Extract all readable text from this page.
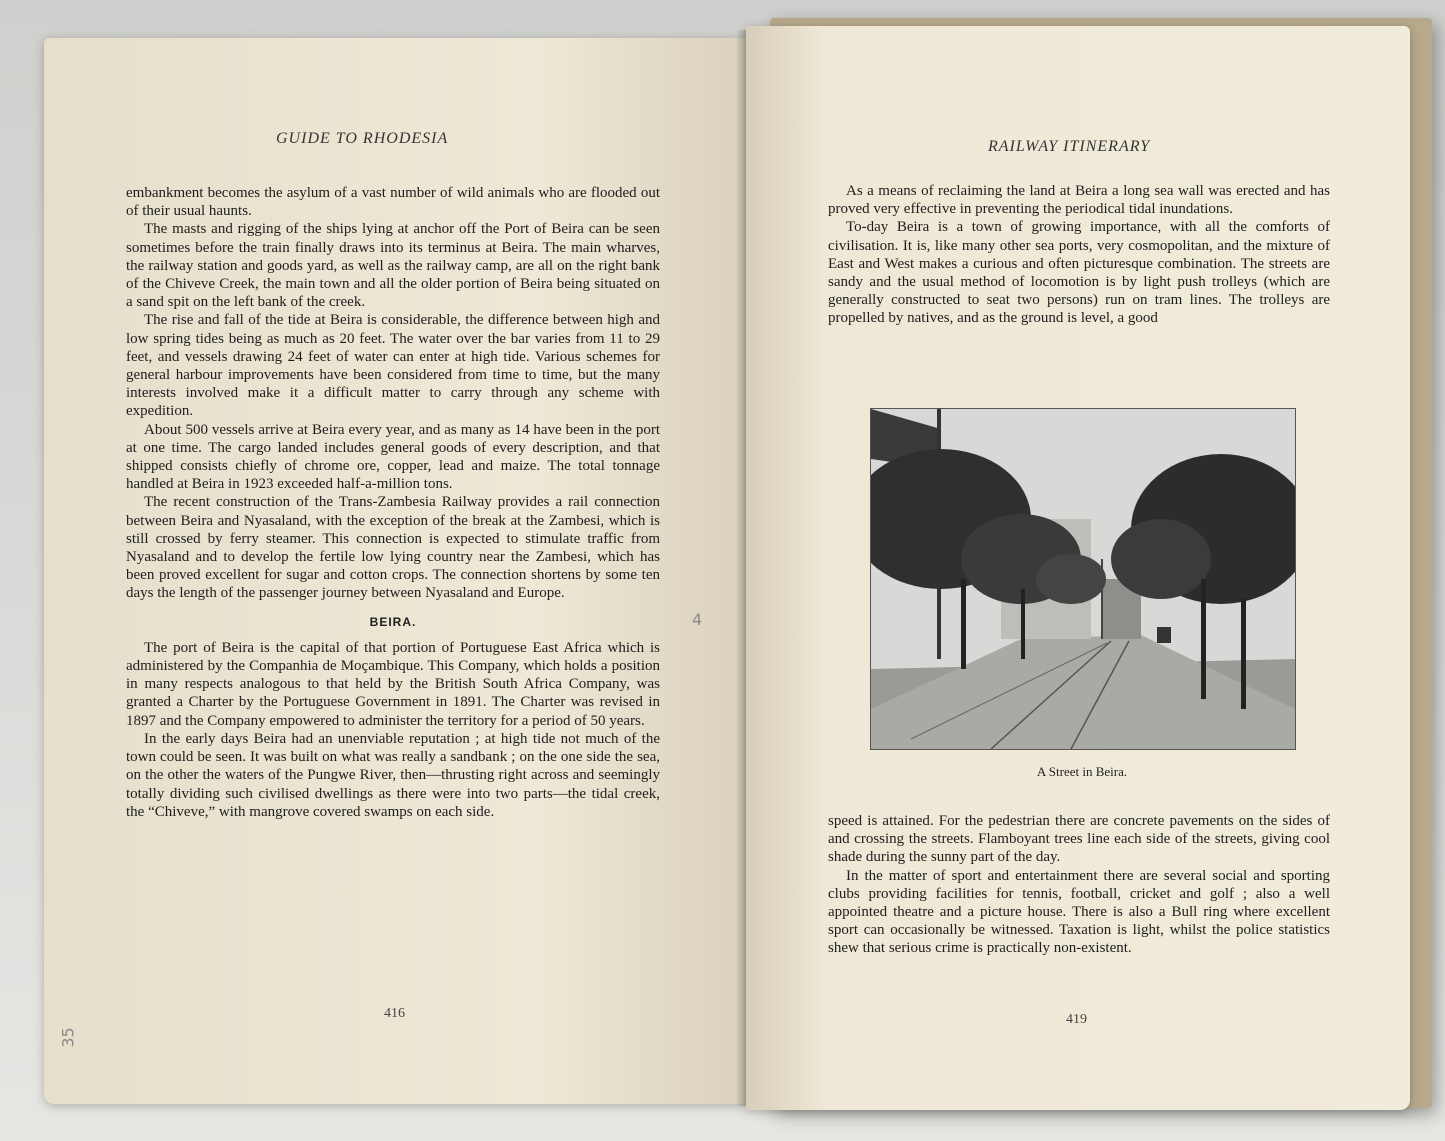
GUIDE TO RHODESIA

embankment becomes the asylum of a vast number of wild animals who are flooded out of their usual haunts.

The masts and rigging of the ships lying at anchor off the Port of Beira can be seen sometimes before the train finally draws into its terminus at Beira. The main wharves, the railway station and goods yard, as well as the railway camp, are all on the right bank of the Chiveve Creek, the main town and all the older portion of Beira being situated on a sand spit on the left bank of the creek.

The rise and fall of the tide at Beira is considerable, the difference between high and low spring tides being as much as 20 feet. The water over the bar varies from 11 to 29 feet, and vessels drawing 24 feet of water can enter at high tide. Various schemes for general harbour improvements have been considered from time to time, but the many interests involved make it a difficult matter to carry through any scheme with expedition.

About 500 vessels arrive at Beira every year, and as many as 14 have been in the port at one time. The cargo landed includes general goods of every description, and that shipped consists chiefly of chrome ore, copper, lead and maize. The total tonnage handled at Beira in 1923 exceeded half-a-million tons.

The recent construction of the Trans-Zambesia Railway provides a rail connection between Beira and Nyasaland, with the exception of the break at the Zambesi, which is still crossed by ferry steamer. This connection is expected to stimulate traffic from Nyasaland and to develop the fertile low lying country near the Zambesi, which has been proved excellent for sugar and cotton crops. The connection shortens by some ten days the length of the passenger journey between Nyasaland and Europe.

BEIRA.

The port of Beira is the capital of that portion of Portuguese East Africa which is administered by the Companhia de Moçambique. This Company, which holds a position in many respects analogous to that held by the British South Africa Company, was granted a Charter by the Portuguese Government in 1891. The Charter was revised in 1897 and the Company empowered to administer the territory for a period of 50 years.

In the early days Beira had an unenviable reputation ; at high tide not much of the town could be seen. It was built on what was really a sandbank ; on the one side the sea, on the other the waters of the Pungwe River, then—thrusting right across and seemingly totally dividing such civilised dwellings as there were into two parts—the tidal creek, the “Chiveve,” with mangrove covered swamps on each side.

416
4
35
RAILWAY ITINERARY

As a means of reclaiming the land at Beira a long sea wall was erected and has proved very effective in preventing the periodical tidal inundations.

To-day Beira is a town of growing importance, with all the comforts of civilisation. It is, like many other sea ports, very cosmopolitan, and the mixture of East and West makes a curious and often picturesque combination. The streets are sandy and the usual method of locomotion is by light push trolleys (which are generally constructed to seat two persons) run on tram lines. The trolleys are propelled by natives, and as the ground is level, a good

A Street in Beira.

speed is attained. For the pedestrian there are concrete pavements on the sides of and crossing the streets. Flamboyant trees line each side of the streets, giving cool shade during the sunny part of the day.

In the matter of sport and entertainment there are several social and sporting clubs providing facilities for tennis, football, cricket and golf ; also a well appointed theatre and a picture house. There is also a Bull ring where excellent sport can occasionally be witnessed. Taxation is light, whilst the police statistics shew that serious crime is practically non-existent.

419
